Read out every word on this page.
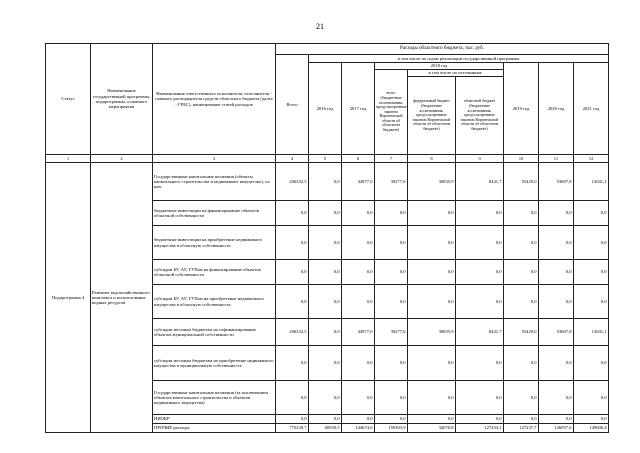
21
Статус	Наименование государственной программы, подпрограммы, основного мероприятия	Наименование ответственного исполнителя, исполнителя - главного распорядителя средств областного бюджета (далее - ГРБС), наименование статей расходов	Расходы областного бюджета, тыс. руб.								
			Всего	в том числе по годам реализации государственной программы							
				2016 год	2017 год	2018 год			2019 год	2020 год	2021 год
						всего (бюджетные ассигнования, предусмотренные законом Воронежской области об областном бюджете)	в том числе по источникам:				
							федеральный бюджет (бюджетные ассигнования, предусмотренные законом Воронежской области об областном бюджете)	областной бюджет (бюджетные ассигнования, предусмотренные законом Воронежской области об областном бюджете)			
1	2	3	4	5	6	7	8	9	10	11	12
Подпрограмма 4	Развитие водохозяйственного комплекса и использование водных ресурсов	Государственные капитальные вложения (объекты капитального строительства и недвижимое имущество), из них:	206332,5	0,0	44977,0	39277,6	30835,9	8441,7	55429,0	53607,8	13041,1
		бюджетные инвестиции на финансирование объектов областной собственности	0,0	0,0	0,0	0,0	0,0	0,0	0,0	0,0	0,0
		бюджетные инвестиции на приобретение недвижимого имущества в областную собственность	0,0	0,0	0,0	0,0	0,0	0,0	0,0	0,0	0,0
		субсидии БУ, АУ, ГУПам на финансирование объектов областной собственности	0,0	0,0	0,0	0,0	0,0	0,0	0,0	0,0	0,0
		субсидии БУ, АУ, ГУПам на приобретение недвижимого имущества в областную собственность	0,0	0,0	0,0	0,0	0,0	0,0	0,0	0,0	0,0
		субсидии местным бюджетам на софинансирование объектов муниципальной собственности	206332,5	0,0	44977,0	39277,6	30835,9	8441,7	55429,0	53607,8	13041,1
		субсидии местным бюджетам на приобретение недвижимого имущества в муниципальную собственность	0,0	0,0	0,0	0,0	0,0	0,0	0,0	0,0	0,0
		Государственные капитальные вложения (за исключением объектов капитального строительства и объектов недвижимого имущества)	0,0	0,0	0,0	0,0	0,0	0,0	0,0	0,0	0,0
		НИОКР	0,0	0,0	0,0	0,0	0,0	0,0	0,0	0,0	0,0
		ПРОЧИЕ расходы	775230,7	68350,5	144674,6	159303,9	32070,8	127233,1	127237,7	126057,6	149606,4
